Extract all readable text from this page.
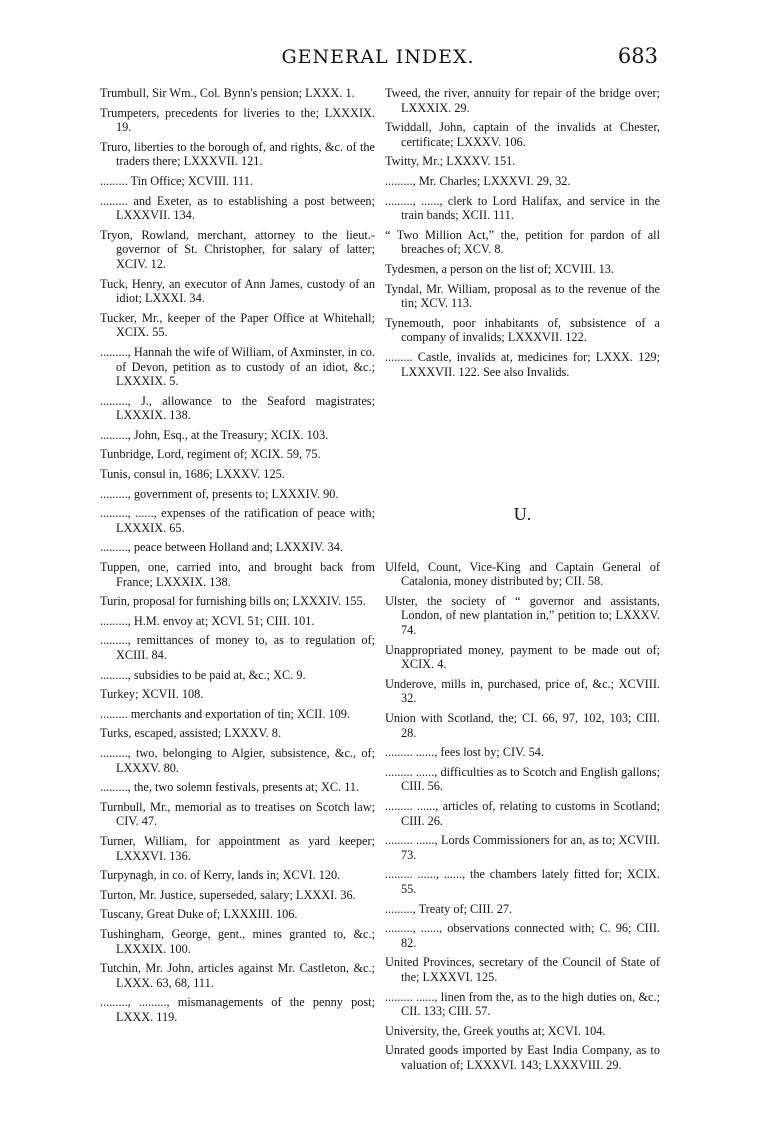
GENERAL INDEX.	683
Trumbull, Sir Wm., Col. Bynn's pension; LXXX. 1.
Trumpeters, precedents for liveries to the; LXXXIX. 19.
Truro, liberties to the borough of, and rights, &c. of the traders there; LXXXVII. 121.
......... Tin Office; XCVIII. 111.
......... and Exeter, as to establishing a post between; LXXXVII. 134.
Tryon, Rowland, merchant, attorney to the lieut.-governor of St. Christopher, for salary of latter; XCIV. 12.
Tuck, Henry, an executor of Ann James, custody of an idiot; LXXXI. 34.
Tucker, Mr., keeper of the Paper Office at Whitehall; XCIX. 55.
........., Hannah the wife of William, of Axminster, in co. of Devon, petition as to custody of an idiot, &c.; LXXXIX. 5.
........., J., allowance to the Seaford magistrates; LXXXIX. 138.
........., John, Esq., at the Treasury; XCIX. 103.
Tunbridge, Lord, regiment of; XCIX. 59, 75.
Tunis, consul in, 1686; LXXXV. 125.
........., government of, presents to; LXXXIV. 90.
........., ......, expenses of the ratification of peace with; LXXXIX. 65.
........., peace between Holland and; LXXXIV. 34.
Tuppen, one, carried into, and brought back from France; LXXXIX. 138.
Turin, proposal for furnishing bills on; LXXXIV. 155.
........., H.M. envoy at; XCVI. 51; CIII. 101.
........., remittances of money to, as to regulation of; XCIII. 84.
........., subsidies to be paid at, &c.; XC. 9.
Turkey; XCVII. 108.
......... merchants and exportation of tin; XCII. 109.
Turks, escaped, assisted; LXXXV. 8.
........., two, belonging to Algier, subsistence, &c., of; LXXXV. 80.
........., the, two solemn festivals, presents at; XC. 11.
Turnbull, Mr., memorial as to treatises on Scotch law; CIV. 47.
Turner, William, for appointment as yard keeper; LXXXVI. 136.
Turpynagh, in co. of Kerry, lands in; XCVI. 120.
Turton, Mr. Justice, superseded, salary; LXXXI. 36.
Tuscany, Great Duke of; LXXXIII. 106.
Tushingham, George, gent., mines granted to, &c.; LXXXIX. 100.
Tutchin, Mr. John, articles against Mr. Castleton, &c.; LXXX. 63, 68, 111.
........., ........., mismanagements of the penny post; LXXX. 119.
Tweed, the river, annuity for repair of the bridge over; LXXXIX. 29.
Twiddall, John, captain of the invalids at Chester, certificate; LXXXV. 106.
Twitty, Mr.; LXXXV. 151.
........., Mr. Charles; LXXXVI. 29, 32.
........., ......, clerk to Lord Halifax, and service in the train bands; XCII. 111.
“ Two Million Act,” the, petition for pardon of all breaches of; XCV. 8.
Tydesmen, a person on the list of; XCVIII. 13.
Tyndal, Mr. William, proposal as to the revenue of the tin; XCV. 113.
Tynemouth, poor inhabitants of, subsistence of a company of invalids; LXXXVII. 122.
......... Castle, invalids at, medicines for; LXXX. 129; LXXXVII. 122. See also Invalids.
U.
Ulfeld, Count, Vice-King and Captain General of Catalonia, money distributed by; CII. 58.
Ulster, the society of “ governor and assistants, London, of new plantation in,” petition to; LXXXV. 74.
Unappropriated money, payment to be made out of; XCIX. 4.
Underove, mills in, purchased, price of, &c.; XCVIII. 32.
Union with Scotland, the; CI. 66, 97, 102, 103; CIII. 28.
......... ......, fees lost by; CIV. 54.
......... ......, difficulties as to Scotch and English gallons; CIII. 56.
......... ......, articles of, relating to customs in Scotland; CIII. 26.
......... ......, Lords Commissioners for an, as to; XCVIII. 73.
......... ......, ......, the chambers lately fitted for; XCIX. 55.
........., Treaty of; CIII. 27.
........., ......, observations connected with; C. 96; CIII. 82.
United Provinces, secretary of the Council of State of the; LXXXVI. 125.
......... ......, linen from the, as to the high duties on, &c.; CII. 133; CIII. 57.
University, the, Greek youths at; XCVI. 104.
Unrated goods imported by East India Company, as to valuation of; LXXXVI. 143; LXXXVIII. 29.
